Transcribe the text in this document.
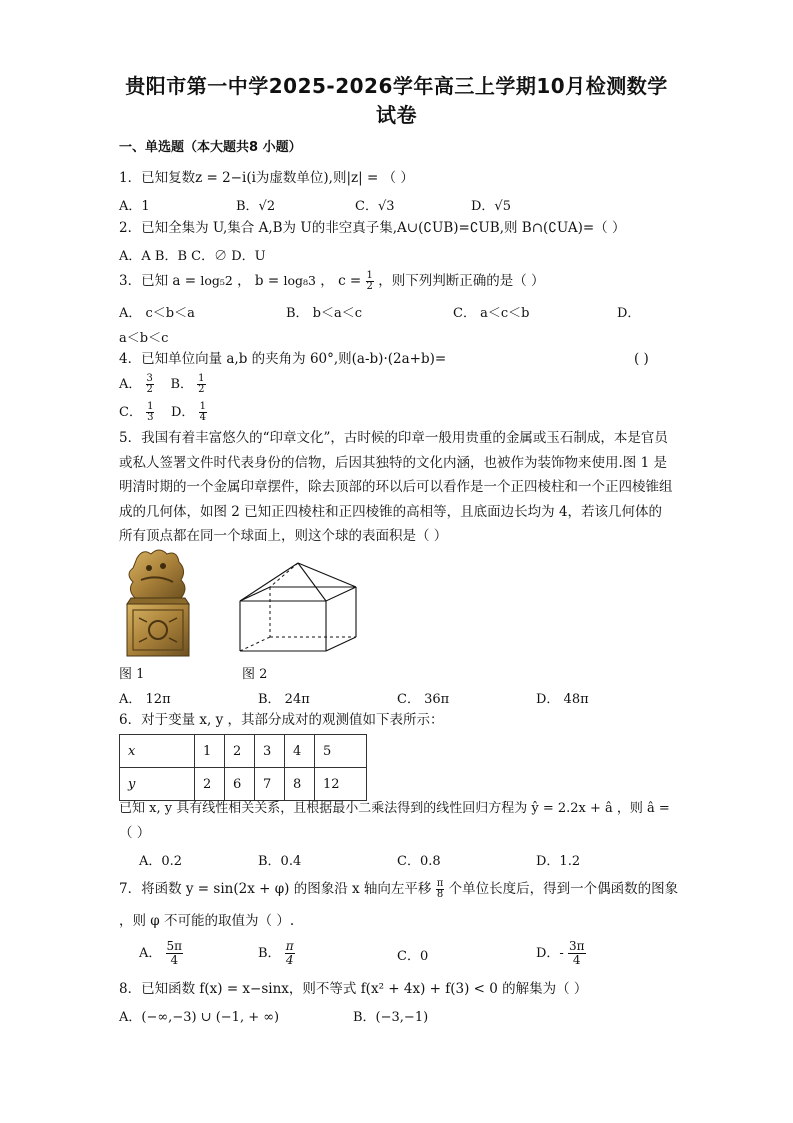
贵阳市第一中学2025-2026学年高三上学期10月检测数学
试卷
一、单选题（本大题共8 小题）
1．已知复数z = 2−i(i为虚数单位),则|z| = （ ）
A．1	B．√2	C．√3	D．√5
2．已知全集为 U,集合 A,B为 U的非空真子集,A∪(∁UB)=∁UB,则 B∩(∁UA)=（ ）
A．A B．B C．∅ D．U
3．已知 a = log₅2 ， b = log₈3 ， $c = \frac{1}{2}$ ，则下列判断正确的是（ ）
A． c＜b＜a	B． b＜a＜c	C． a＜c＜b	D．
a＜b＜c
4．已知单位向量 a,b 的夹角为 60°,则(a-b)·(2a+b)=	( )
A． $\frac{3}{2}$ B． $\frac{1}{2}$
C． $\frac{1}{3}$ D． $\frac{1}{4}$
5．我国有着丰富悠久的“印章文化”，古时候的印章一般用贵重的金属或玉石制成，本是官员或私人签署文件时代表身份的信物，后因其独特的文化内涵，也被作为装饰物来使用.图 1 是明清时期的一个金属印章摆件，除去顶部的环以后可以看作是一个正四棱柱和一个正四棱锥组成的几何体，如图 2 已知正四棱柱和正四棱锥的高相等，且底面边长均为 4，若该几何体的所有顶点都在同一个球面上，则这个球的表面积是（ ）
图 1	图 2
A． 12π	B． 24π	C． 36π	D． 48π
6．对于变量 x, y ，其部分成对的观测值如下表所示：
x	1	2	3	4	5
y	2	6	7	8	12
已知 x, y 具有线性相关关系，且根据最小二乘法得到的线性回归方程为 ŷ = 2.2x + â ，则 â =
（ ）
A．0.2	B．0.4	C．0.8	D．1.2
7．将函数 y = sin(2x + φ) 的图象沿 x 轴向左平移 $\frac{\pi}{8}$ 个单位长度后，得到一个偶函数的图象
，则 φ 不可能的取值为（ ）.
A． $\frac{5\pi}{4}$	B． $\frac{\pi}{4}$	C．0	D．- $\frac{3\pi}{4}$
8．已知函数 f(x) = x−sinx，则不等式 f(x² + 4x) + f(3) < 0 的解集为（ ）
A．(−∞,−3) ∪ (−1, + ∞)	B．(−3,−1)
